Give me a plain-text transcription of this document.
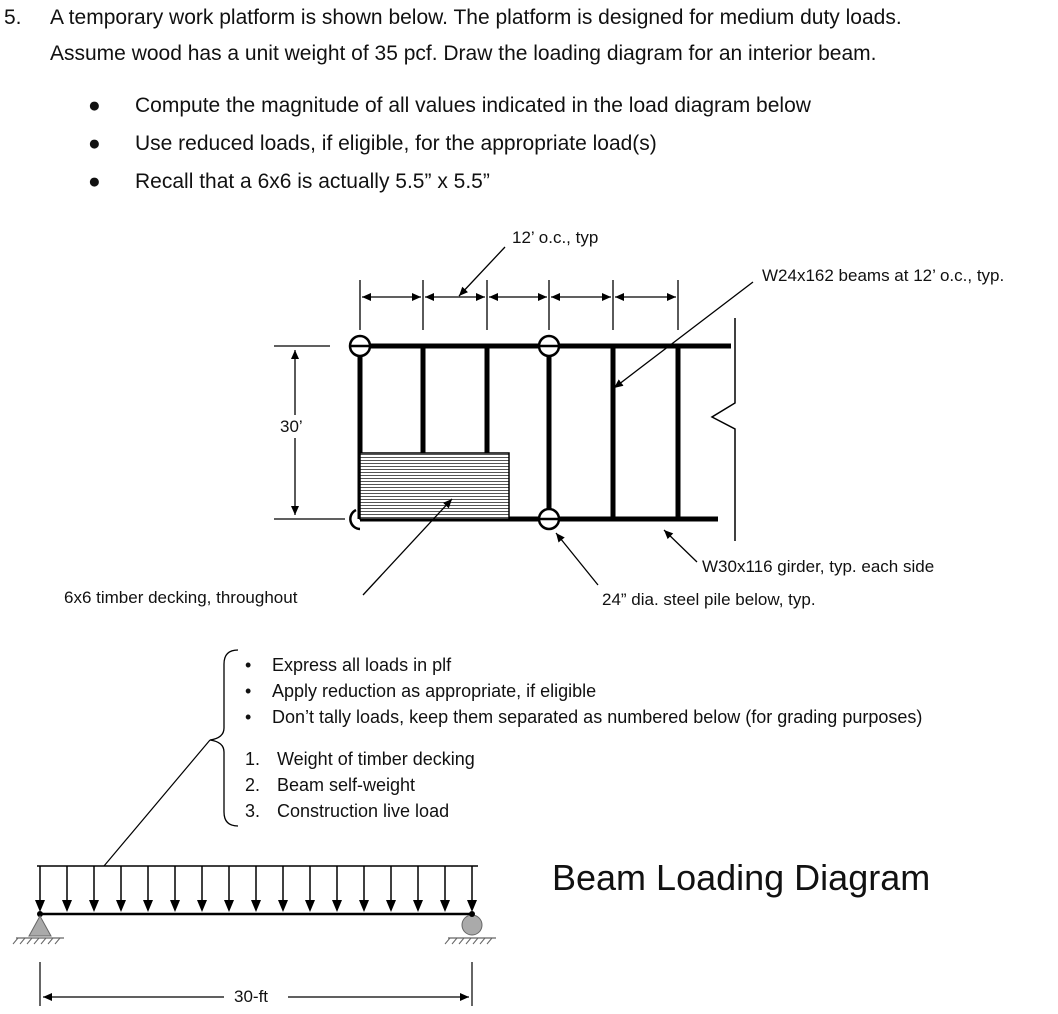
5. A temporary work platform is shown below. The platform is designed for medium duty loads.
Assume wood has a unit weight of 35 pcf. Draw the loading diagram for an interior beam.
● Compute the magnitude of all values indicated in the load diagram below
● Use reduced loads, if eligible, for the appropriate load(s)
● Recall that a 6x6 is actually 5.5” x 5.5”
12’ o.c., typ
W24x162 beams at 12’ o.c., typ.
30’
6x6 timber decking, throughout
W30x116 girder, typ. each side
24” dia. steel pile below, typ.
• Express all loads in plf
• Apply reduction as appropriate, if eligible
• Don’t tally loads, keep them separated as numbered below (for grading purposes)
1. Weight of timber decking
2. Beam self-weight
3. Construction live load
Beam Loading Diagram
30-ft
